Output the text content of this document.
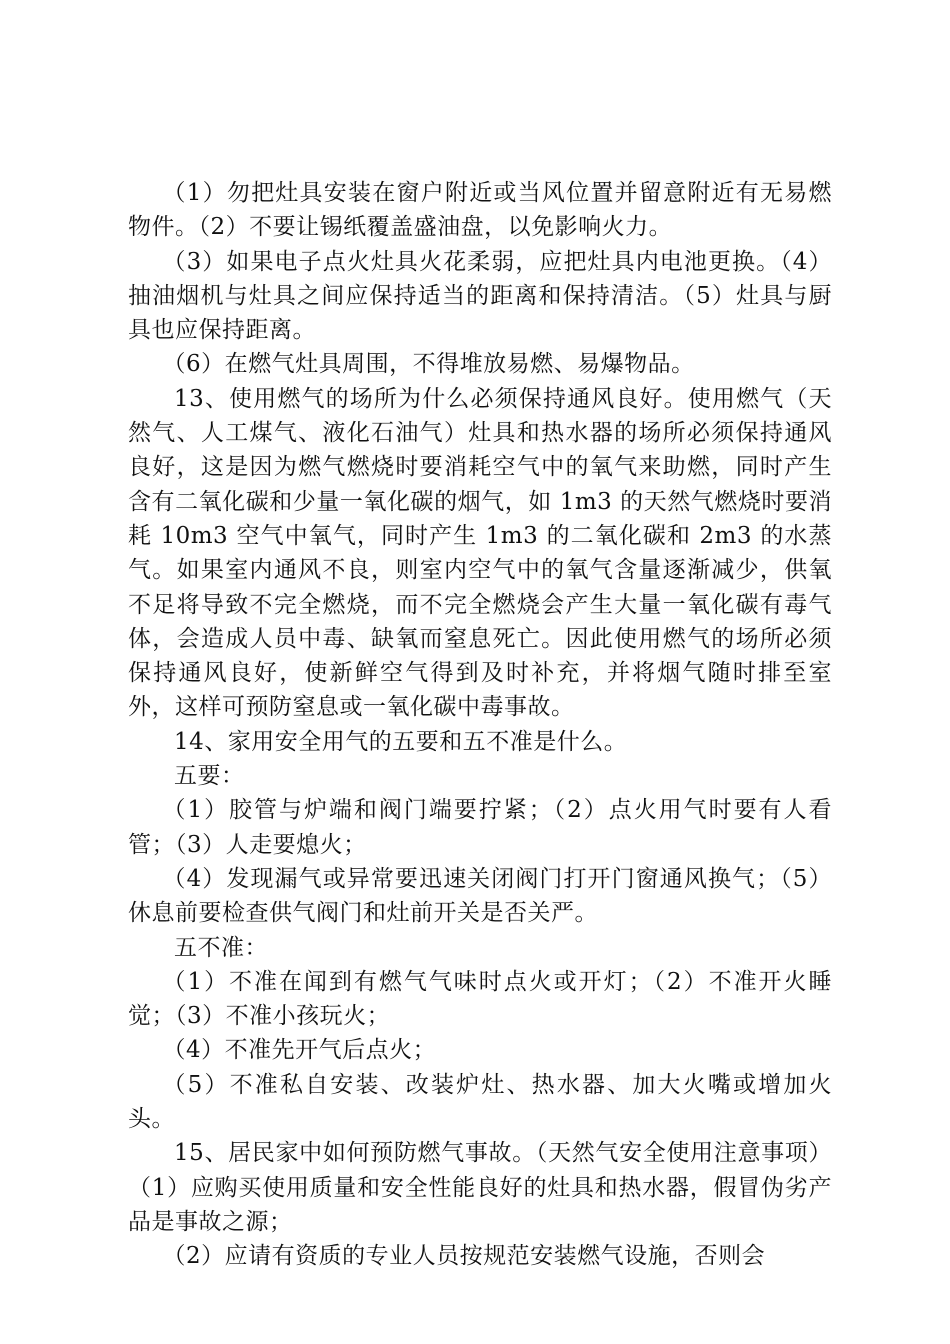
（1）勿把灶具安装在窗户附近或当风位置并留意附近有无易燃物件。（2）不要让锡纸覆盖盛油盘，以免影响火力。

（3）如果电子点火灶具火花柔弱，应把灶具内电池更换。（4）抽油烟机与灶具之间应保持适当的距离和保持清洁。（5）灶具与厨具也应保持距离。

（6）在燃气灶具周围，不得堆放易燃、易爆物品。

13、使用燃气的场所为什么必须保持通风良好。使用燃气（天然气、人工煤气、液化石油气）灶具和热水器的场所必须保持通风良好，这是因为燃气燃烧时要消耗空气中的氧气来助燃，同时产生含有二氧化碳和少量一氧化碳的烟气，如 1m3 的天然气燃烧时要消耗 10m3 空气中氧气，同时产生 1m3 的二氧化碳和 2m3 的水蒸气。如果室内通风不良，则室内空气中的氧气含量逐渐减少，供氧不足将导致不完全燃烧，而不完全燃烧会产生大量一氧化碳有毒气体，会造成人员中毒、缺氧而窒息死亡。因此使用燃气的场所必须保持通风良好，使新鲜空气得到及时补充，并将烟气随时排至室外，这样可预防窒息或一氧化碳中毒事故。

14、家用安全用气的五要和五不准是什么。

五要：

（1）胶管与炉端和阀门端要拧紧；（2）点火用气时要有人看管；（3）人走要熄火；

（4）发现漏气或异常要迅速关闭阀门打开门窗通风换气；（5）休息前要检查供气阀门和灶前开关是否关严。

五不准：

（1）不准在闻到有燃气气味时点火或开灯；（2）不准开火睡觉；（3）不准小孩玩火；

（4）不准先开气后点火；

（5）不准私自安装、改装炉灶、热水器、加大火嘴或增加火头。

15、居民家中如何预防燃气事故。（天然气安全使用注意事项）（1）应购买使用质量和安全性能良好的灶具和热水器，假冒伪劣产品是事故之源；

（2）应请有资质的专业人员按规范安装燃气设施，否则会
